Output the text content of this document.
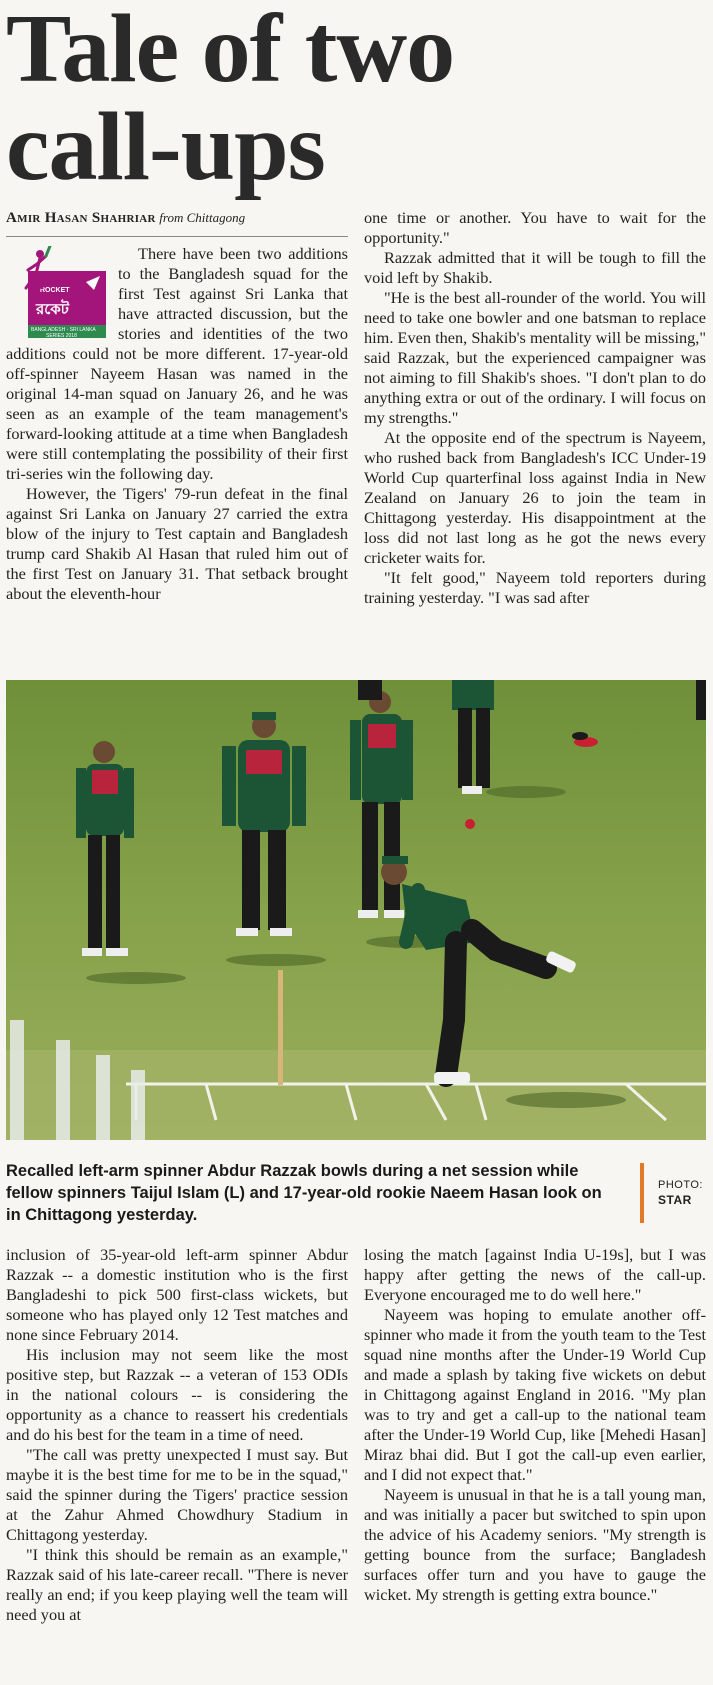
Tale of two
call-ups
Amir Hasan Shahriar from Chittagong
ROCKET
রকেট
BANGLADESH - SRI LANKA
SERIES 2018

There have been two additions to the Bangladesh squad for the first Test against Sri Lanka that have attracted discussion, but the stories and identities of the two additions could not be more different. 17-year-old off-spinner Nayeem Hasan was named in the original 14-man squad on January 26, and he was seen as an example of the team management's forward-looking attitude at a time when Bangladesh were still contemplating the possibility of their first tri-series win the following day.

However, the Tigers' 79-run defeat in the final against Sri Lanka on January 27 carried the extra blow of the injury to Test captain and Bangladesh trump card Shakib Al Hasan that ruled him out of the first Test on January 31. That setback brought about the eleventh-hour

one time or another. You have to wait for the opportunity."

Razzak admitted that it will be tough to fill the void left by Shakib.

"He is the best all-rounder of the world. You will need to take one bowler and one batsman to replace him. Even then, Shakib's mentality will be missing," said Razzak, but the experienced campaigner was not aiming to fill Shakib's shoes. "I don't plan to do anything extra or out of the ordinary. I will focus on my strengths."

At the opposite end of the spectrum is Nayeem, who rushed back from Bangladesh's ICC Under-19 World Cup quarterfinal loss against India in New Zealand on January 26 to join the team in Chittagong yesterday. His disappointment at the loss did not last long as he got the news every cricketer waits for.

"It felt good," Nayeem told reporters during training yesterday. "I was sad after

Recalled left-arm spinner Abdur Razzak bowls during a net session while fellow spinners Taijul Islam (L) and 17-year-old rookie Naeem Hasan look on in Chittagong yesterday.
PHOTO:
STAR

inclusion of 35-year-old left-arm spinner Abdur Razzak -- a domestic institution who is the first Bangladeshi to pick 500 first-class wickets, but someone who has played only 12 Test matches and none since February 2014.

His inclusion may not seem like the most positive step, but Razzak -- a veteran of 153 ODIs in the national colours -- is considering the opportunity as a chance to reassert his credentials and do his best for the team in a time of need.

"The call was pretty unexpected I must say. But maybe it is the best time for me to be in the squad," said the spinner during the Tigers' practice session at the Zahur Ahmed Chowdhury Stadium in Chittagong yesterday.

"I think this should be remain as an example," Razzak said of his late-career recall. "There is never really an end; if you keep playing well the team will need you at

losing the match [against India U-19s], but I was happy after getting the news of the call-up. Everyone encouraged me to do well here."

Nayeem was hoping to emulate another off-spinner who made it from the youth team to the Test squad nine months after the Under-19 World Cup and made a splash by taking five wickets on debut in Chittagong against England in 2016. "My plan was to try and get a call-up to the national team after the Under-19 World Cup, like [Mehedi Hasan] Miraz bhai did. But I got the call-up even earlier, and I did not expect that."

Nayeem is unusual in that he is a tall young man, and was initially a pacer but switched to spin upon the advice of his Academy seniors. "My strength is getting bounce from the surface; Bangladesh surfaces offer turn and you have to gauge the wicket. My strength is getting extra bounce."
